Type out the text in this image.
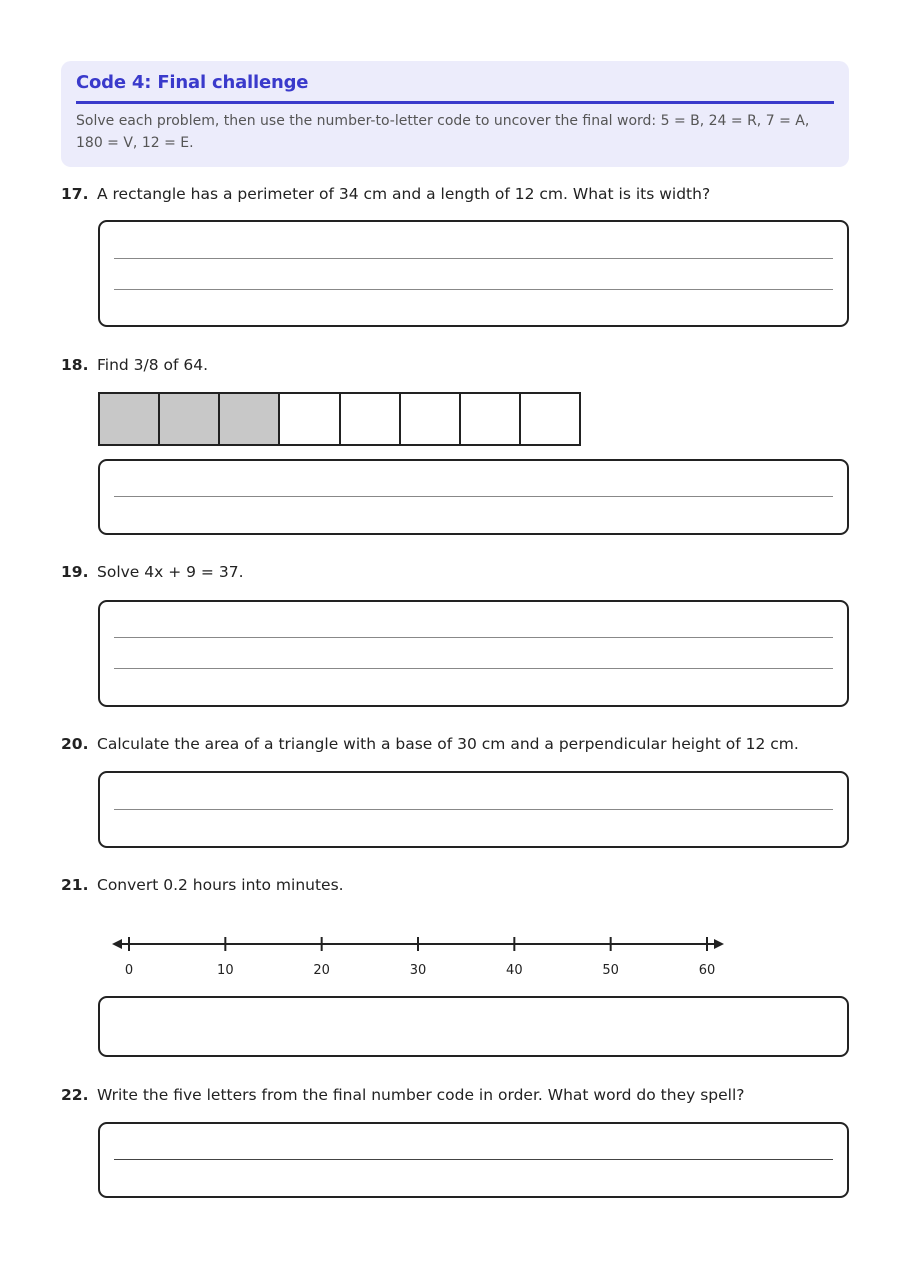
Code 4: Final challenge

Solve each problem, then use the number-to-letter code to uncover the final word: 5 = B, 24 = R, 7 = A, 180 = V, 12 = E.

17. A rectangle has a perimeter of 34 cm and a length of 12 cm. What is its width?
18. Find 3/8 of 64.
19. Solve 4x + 9 = 37.
20. Calculate the area of a triangle with a base of 30 cm and a perpendicular height of 12 cm.
21. Convert 0.2 hours into minutes.
0	10	20	30	40	50	60
22. Write the five letters from the final number code in order. What word do they spell?
